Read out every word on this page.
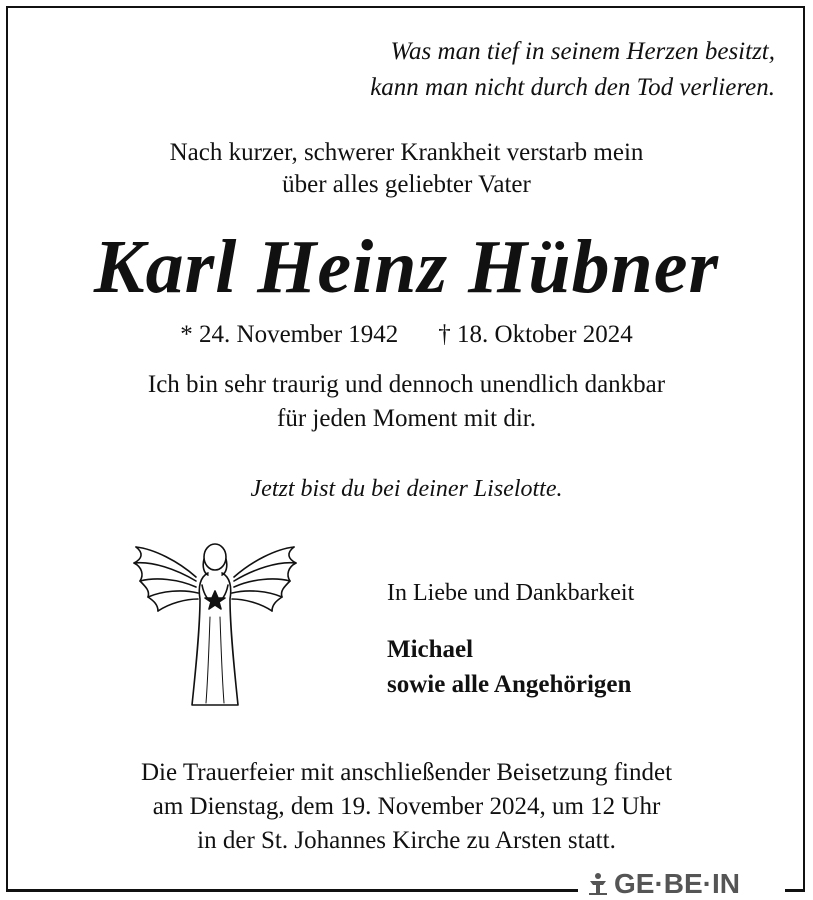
Was man tief in seinem Herzen besitzt,
kann man nicht durch den Tod verlieren.
Nach kurzer, schwerer Krankheit verstarb mein
über alles geliebter Vater
Karl Heinz Hübner
* 24. November 1942 † 18. Oktober 2024
Ich bin sehr traurig und dennoch unendlich dankbar
für jeden Moment mit dir.
Jetzt bist du bei deiner Liselotte.
In Liebe und Dankbarkeit
Michael
sowie alle Angehörigen
Die Trauerfeier mit anschließender Beisetzung findet
am Dienstag, dem 19. November 2024, um 12 Uhr
in der St. Johannes Kirche zu Arsten statt.
GE·BE·IN
